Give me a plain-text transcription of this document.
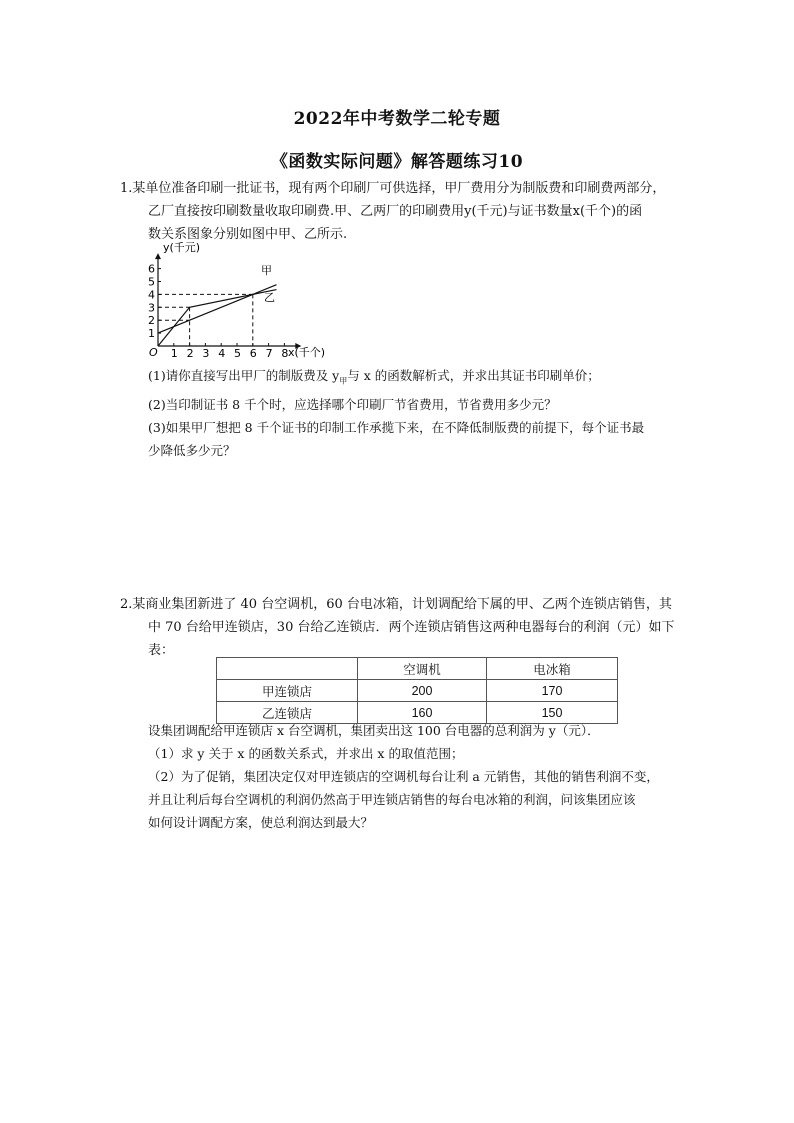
2022年中考数学二轮专题
《函数实际问题》解答题练习10

1.某单位准备印刷一批证书，现有两个印刷厂可供选择，甲厂费用分为制版费和印刷费两部分，

乙厂直接按印刷数量收取印刷费.甲、乙两厂的印刷费用y(千元)与证书数量x(千个)的函

数关系图象分别如图中甲、乙所示.

1 2 3 4 5 6 7 8
1
2
3
4
5
6
y(千元)
x(千个)
O
甲
乙

(1)请你直接写出甲厂的制版费及 $y_甲$与 x 的函数解析式，并求出其证书印刷单价；

(2)当印制证书 8 千个时，应选择哪个印刷厂节省费用，节省费用多少元？

(3)如果甲厂想把 8 千个证书的印制工作承揽下来，在不降低制版费的前提下，每个证书最

少降低多少元？

2.某商业集团新进了 40 台空调机，60 台电冰箱，计划调配给下属的甲、乙两个连锁店销售，其

中 70 台给甲连锁店，30 台给乙连锁店．两个连锁店销售这两种电器每台的利润（元）如下

表：

	空调机	电冰箱
甲连锁店	200	170
乙连锁店	160	150

设集团调配给甲连锁店 x 台空调机，集团卖出这 100 台电器的总利润为 y（元）．

（1）求 y 关于 x 的函数关系式，并求出 x 的取值范围；

（2）为了促销，集团决定仅对甲连锁店的空调机每台让利 a 元销售，其他的销售利润不变，

并且让利后每台空调机的利润仍然高于甲连锁店销售的每台电冰箱的利润，问该集团应该

如何设计调配方案，使总利润达到最大？
